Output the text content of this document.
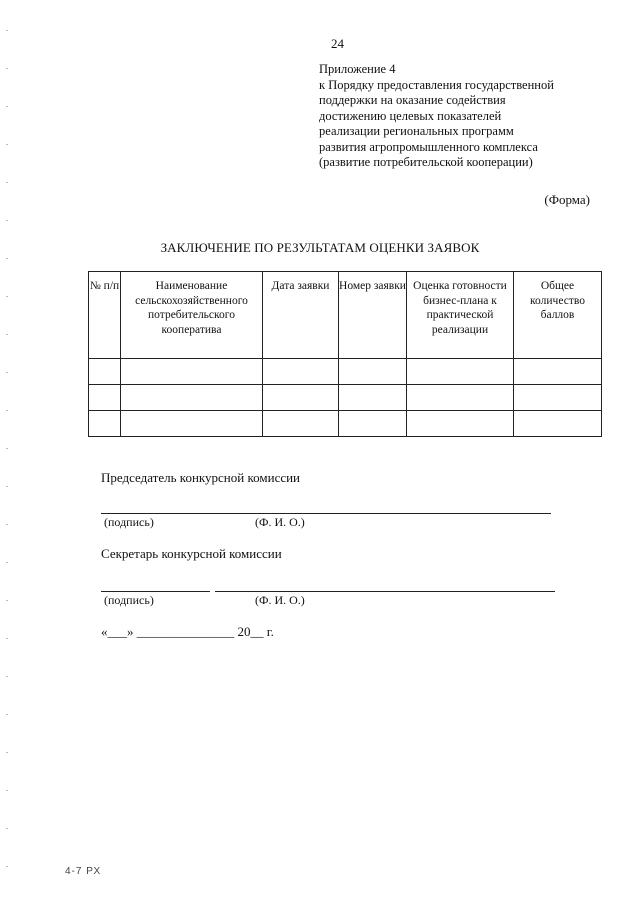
24
Приложение 4
к Порядку предоставления государственной
поддержки на оказание содействия
достижению целевых показателей
реализации региональных программ
развития агропромышленного комплекса
(развитие потребительской кооперации)
(Форма)
ЗАКЛЮЧЕНИЕ ПО РЕЗУЛЬТАТАМ ОЦЕНКИ ЗАЯВОК
№ п/п	Наименование сельскохозяйственного потребительского кооператива	Дата заявки	Номер заявки	Оценка готовности бизнес-плана к практической реализации	Общее количество баллов

Председатель конкурсной комиссии
(подпись)	(Ф. И. О.)
Секретарь конкурсной комиссии
(подпись)	(Ф. И. О.)
«___» _______________ 20__ г.
4-7 РХ
